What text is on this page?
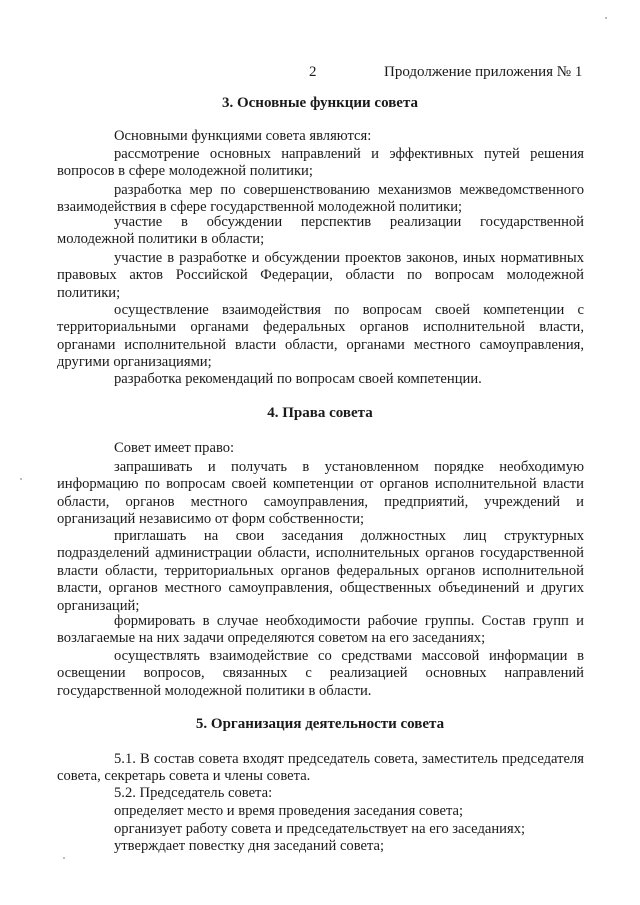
2	Продолжение приложения № 1
3. Основные функции совета
Основными функциями совета являются:
рассмотрение основных направлений и эффективных путей решения вопросов в сфере молодежной политики;
разработка мер по совершенствованию механизмов межведомственного взаимодействия в сфере государственной молодежной политики;
участие в обсуждении перспектив реализации государственной молодежной политики в области;
участие в разработке и обсуждении проектов законов, иных нормативных правовых актов Российской Федерации, области по вопросам молодежной политики;
осуществление взаимодействия по вопросам своей компетенции с территориальными органами федеральных органов исполнительной власти, органами исполнительной власти области, органами местного самоуправления, другими организациями;
разработка рекомендаций по вопросам своей компетенции.
4. Права совета
Совет имеет право:
запрашивать и получать в установленном порядке необходимую информацию по вопросам своей компетенции от органов исполнительной власти области, органов местного самоуправления, предприятий, учреждений и организаций независимо от форм собственности;
приглашать на свои заседания должностных лиц структурных подразделений администрации области, исполнительных органов государственной власти области, территориальных органов федеральных органов исполнительной власти, органов местного самоуправления, общественных объединений и других организаций;
формировать в случае необходимости рабочие группы. Состав групп и возлагаемые на них задачи определяются советом на его заседаниях;
осуществлять взаимодействие со средствами массовой информации в освещении вопросов, связанных с реализацией основных направлений государственной молодежной политики в области.
5. Организация деятельности совета
5.1. В состав совета входят председатель совета, заместитель председателя совета, секретарь совета и члены совета.
5.2. Председатель совета:
определяет место и время проведения заседания совета;
организует работу совета и председательствует на его заседаниях;
утверждает повестку дня заседаний совета;
